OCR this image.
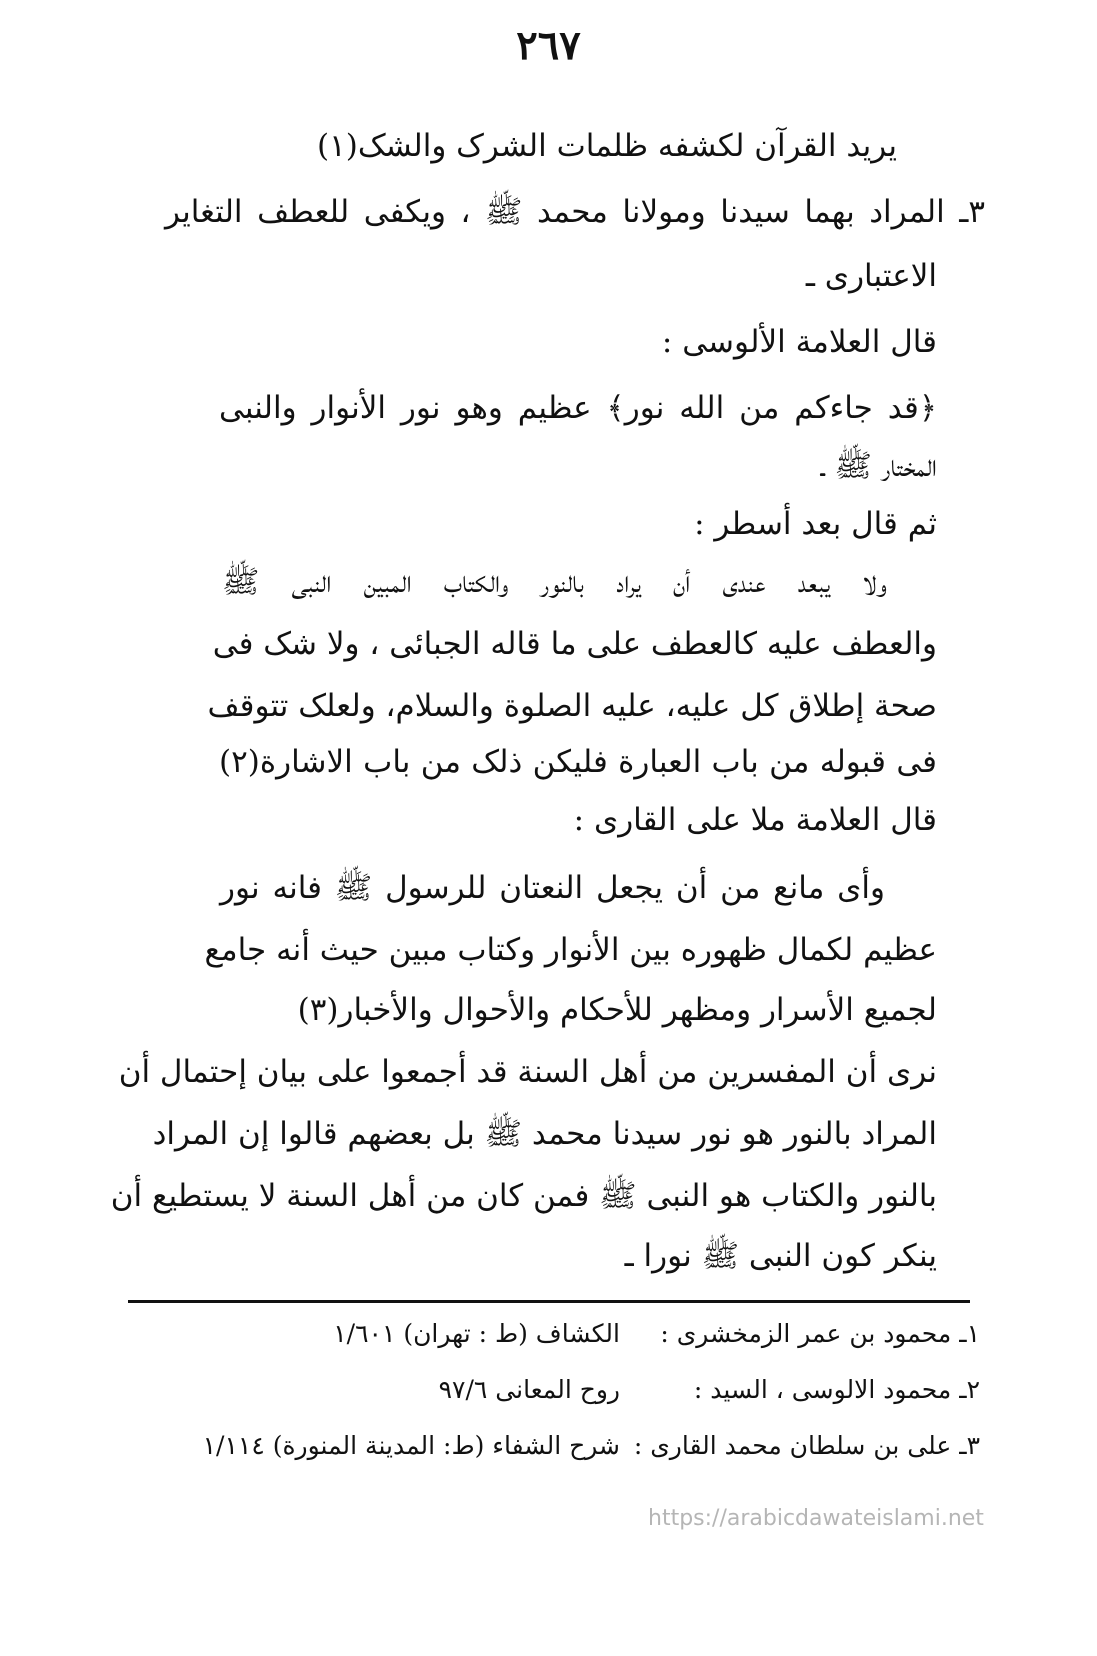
٢٦٧
یرید القرآن لکشفه ظلمات الشرک والشک(١)
٣ـ المراد بهما سیدنا ومولانا محمد ﷺ ، ویکفی للعطف التغایر
الاعتباری ـ
قال العلامة الألوسی :
﴿قد جاءکم من الله نور﴾ عظیم وهو نور الأنوار والنبی
المختار ﷺ ـ
ثم قال بعد أسطر :
ولا یبعد عندی أن یراد بالنور والکتاب المبین النبی ﷺ
والعطف علیه کالعطف علی ما قاله الجبائی ، ولا شک فی
صحة إطلاق کل علیه، علیه الصلوة والسلام، ولعلک تتوقف
فی قبوله من باب العبارة فلیکن ذلک من باب الاشارة(٢)
قال العلامة ملا علی القاری :
وأی مانع من أن یجعل النعتان للرسول ﷺ فانه نور
عظیم لکمال ظهوره بین الأنوار وکتاب مبین حیث أنه جامع
لجمیع الأسرار ومظهر للأحکام والأحوال والأخبار(٣)
نری أن المفسرین من أهل السنة قد أجمعوا علی بیان إحتمال أن
المراد بالنور هو نور سیدنا محمد ﷺ بل بعضهم قالوا إن المراد
بالنور والکتاب هو النبی ﷺ فمن کان من أهل السنة لا یستطیع أن
ینکر کون النبی ﷺ نورا ـ
١ـ محمود بن عمر الزمخشری :
الکشاف (ط : تهران) ١/٦٠١
٢ـ محمود الالوسی ، السید :
روح المعانی ٩٧/٦
٣ـ علی بن سلطان محمد القاری :
شرح الشفاء (ط: المدینة المنورة) ١/١١٤
https://arabicdawateislami.net
